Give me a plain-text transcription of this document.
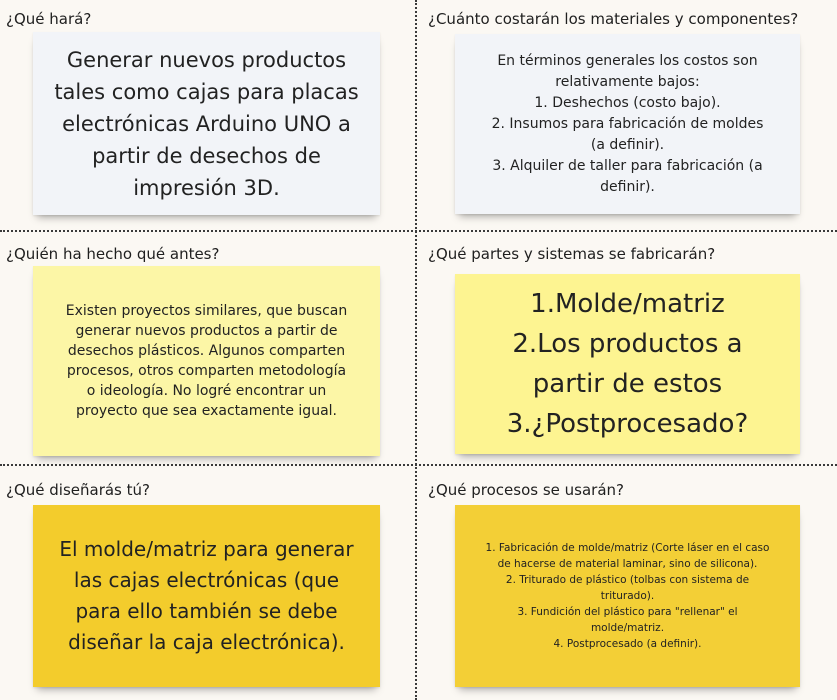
¿Qué hará?
Generar nuevos productos
tales como cajas para placas
electrónicas Arduino UNO a
partir de desechos de
impresión 3D.
¿Cuánto costarán los materiales y componentes?
En términos generales los costos son
relativamente bajos:
1. Deshechos (costo bajo).
2. Insumos para fabricación de moldes
(a definir).
3. Alquiler de taller para fabricación (a
definir).
¿Quién ha hecho qué antes?
Existen proyectos similares, que buscan
generar nuevos productos a partir de
desechos plásticos. Algunos comparten
procesos, otros comparten metodología
o ideología. No logré encontrar un
proyecto que sea exactamente igual.
¿Qué partes y sistemas se fabricarán?
1.Molde/matriz
2.Los productos a
partir de estos
3.¿Postprocesado?
¿Qué diseñarás tú?
El molde/matriz para generar
las cajas electrónicas (que
para ello también se debe
diseñar la caja electrónica).
¿Qué procesos se usarán?
1. Fabricación de molde/matriz (Corte láser en el caso
de hacerse de material laminar, sino de silicona).
2. Triturado de plástico (tolbas con sistema de
triturado).
3. Fundición del plástico para "rellenar" el
molde/matriz.
4. Postprocesado (a definir).
